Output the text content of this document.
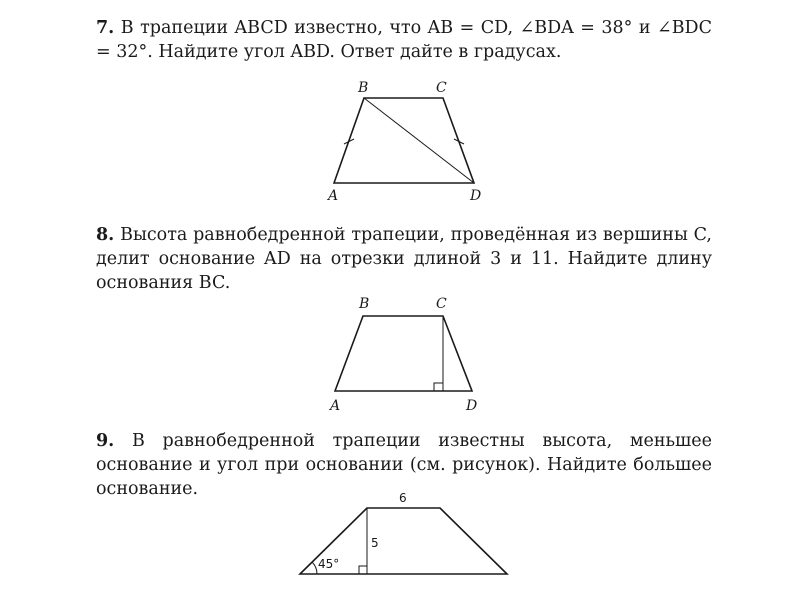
7. В трапеции ABCD известно, что AB = CD, ∠BDA = 38° и ∠BDC = 32°. Найдите угол ABD. Ответ дайте в градусах.

B	C
A	D

8. Высота равнобедренной трапеции, проведённая из вершины C, делит основание AD на отрезки длиной 3 и 11. Найдите длину основания BC.

B	C
A	D

9. В равнобедренной трапеции известны высота, меньшее основание и угол при основании (см. рисунок). Найдите большее основание.	6
5
45°
